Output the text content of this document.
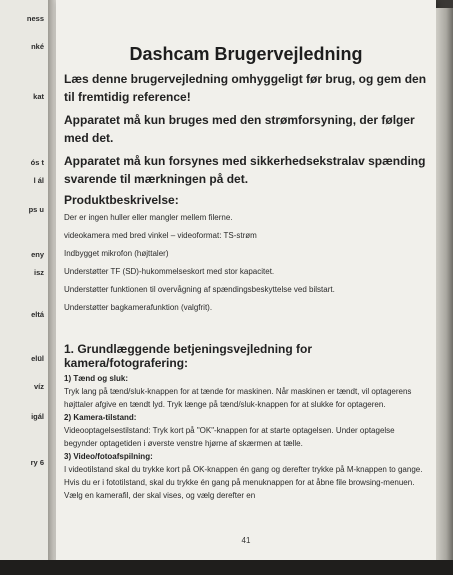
ness
nké
kat
ós t
l ál
ps u
eny
isz
eltá
elül
víz
igál
ry 6
Dashcam Brugervejledning

Læs denne brugervejledning omhyggeligt før brug, og gem den til fremtidig reference!

Apparatet må kun bruges med den strømforsyning, der følger med det.

Apparatet må kun forsynes med sikkerhedsekstralav spænding svarende til mærkningen på det.

Produktbeskrivelse:

Der er ingen huller eller mangler mellem filerne.

videokamera med bred vinkel – videoformat: TS-strøm

Indbygget mikrofon (højttaler)

Understøtter TF (SD)-hukommelseskort med stor kapacitet.

Understøtter funktionen til overvågning af spændingsbeskyttelse ved bilstart.

Understøtter bagkamerafunktion (valgfrit).

1. Grundlæggende betjeningsvejledning for kamera/fotografering:

1) Tænd og sluk:

Tryk lang på tænd/sluk-knappen for at tænde for maskinen. Når maskinen er tændt, vil optagerens højttaler afgive en tændt lyd. Tryk længe på tænd/sluk-knappen for at slukke for optageren.

2) Kamera-tilstand:

Videooptagelsestilstand: Tryk kort på "OK"-knappen for at starte optagelsen. Under optagelse begynder optagetiden i øverste venstre hjørne af skærmen at tælle.

3) Video/fotoafspilning:

I videotilstand skal du trykke kort på OK-knappen én gang og derefter trykke på M-knappen to gange. Hvis du er i fototilstand, skal du trykke én gang på menuknappen for at åbne file browsing-menuen. Vælg en kamerafil, der skal vises, og vælg derefter en

41
